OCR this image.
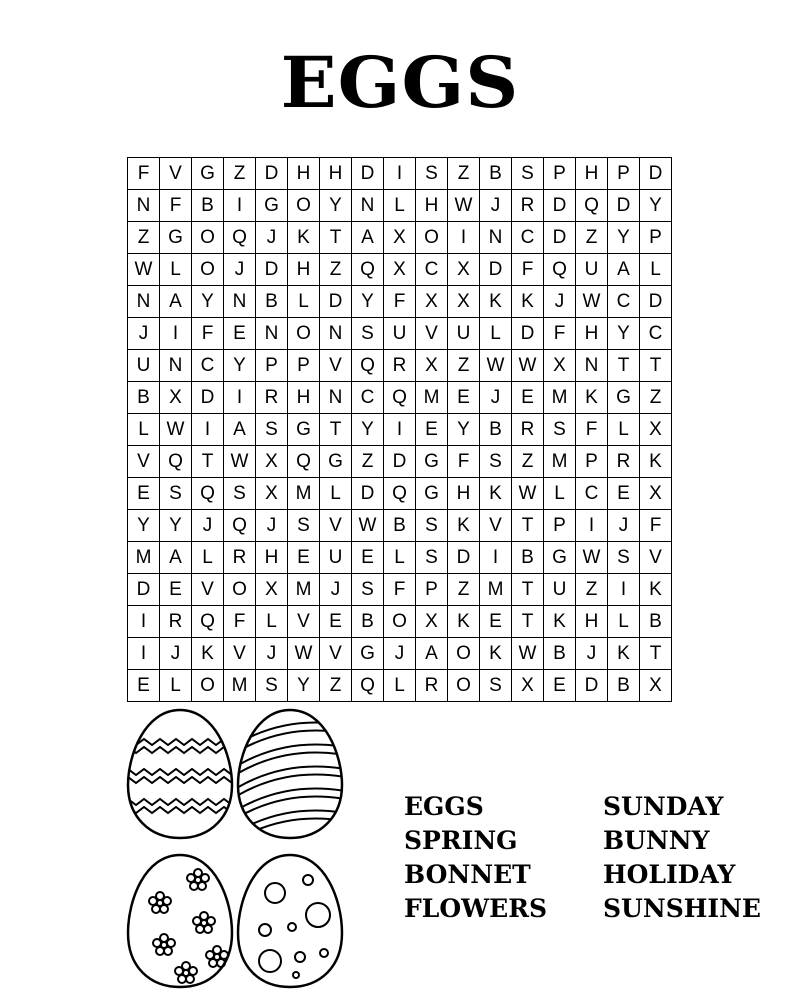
EGGS
F	V G Z	D H H D	I	S	Z	B	S	P H P D
N	F	B	I	G O Y N	L	H W J	R D Q D Y
Z G O Q	J	K	T	A	X O	I	N C D	Z	Y	P
W L	O	J	D H	Z Q X C X D	F Q U A	L
N A	Y N B	L	D Y	F	X	X	K	K	J W C D
J	I	F	E N O N S U V U	L	D	F	H Y C
U N C Y	P	P	V Q R X	Z W W X N	T	T
B	X D	I	R H N C Q M E	J	E M K G Z
L W	I	A	S G T	Y	I	E	Y	B R S	F	L	X
V Q T W X Q G Z	D G F	S	Z M P R K
E	S Q S	X M L	D Q G H K W L	C E	X
Y	Y	J	Q	J	S	V W B	S	K	V	T	P	I	J	F
M A	L	R H E U E	L	S D	I	B G W S	V
D E	V O X M	J	S	F	P	Z M T	U	Z	I	K
I	R Q F	L	V	E	B O X	K	E	T	K H	L	B
I	J	K	V	J W V G	J	A O K W B	J	K	T
E	L	O M S	Y	Z Q	L	R O S	X	E D B	X
EGGS
SPRING
BONNET
FLOWERS
SUNDAY
BUNNY
HOLIDAY
SUNSHINE
